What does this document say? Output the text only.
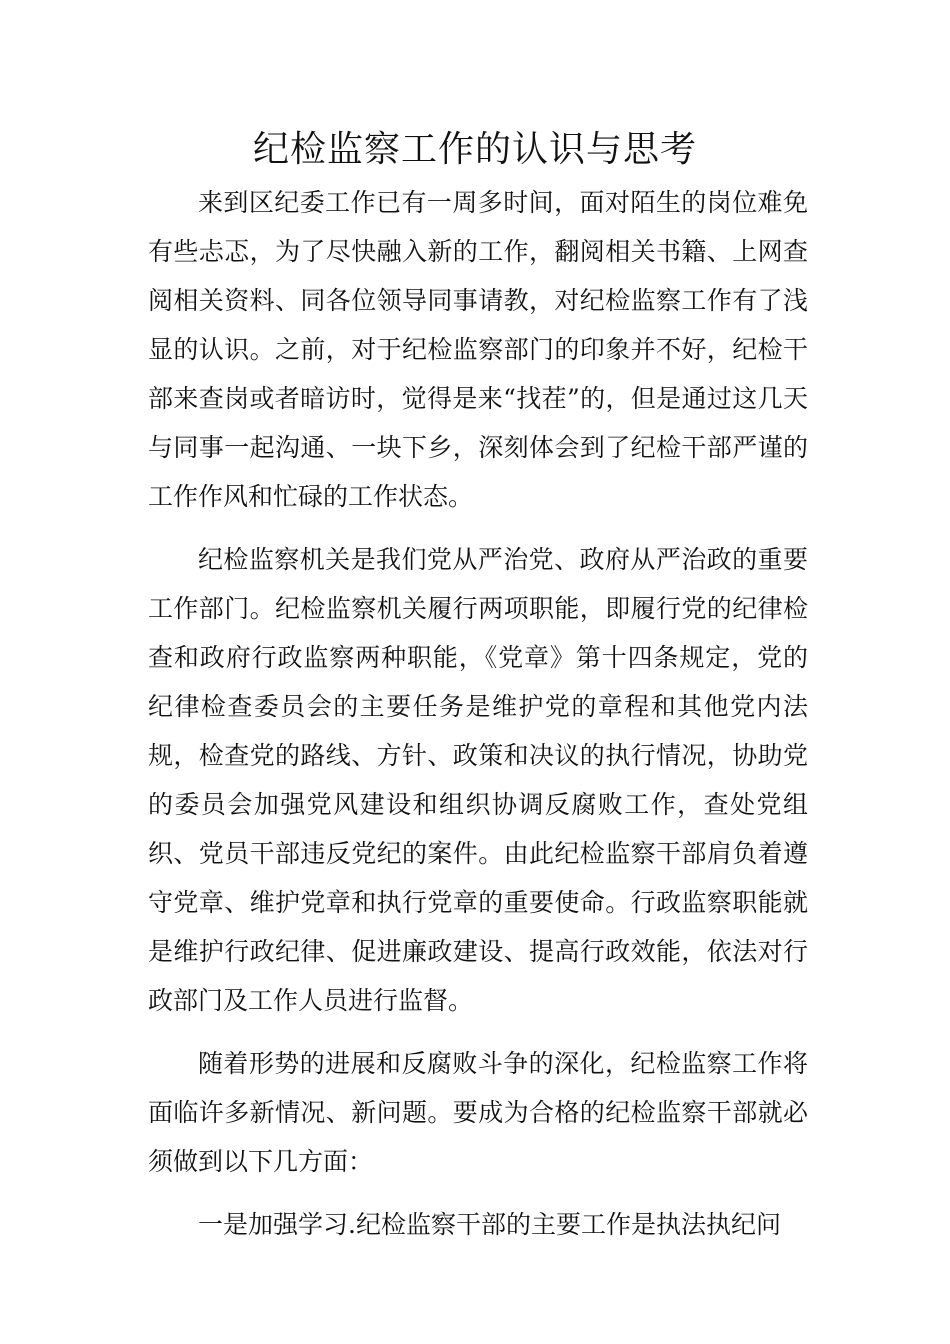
纪检监察工作的认识与思考

来到区纪委工作已有一周多时间，面对陌生的岗位难免有些忐忑，为了尽快融入新的工作，翻阅相关书籍、上网查阅相关资料、同各位领导同事请教，对纪检监察工作有了浅显的认识。之前，对于纪检监察部门的印象并不好，纪检干部来查岗或者暗访时，觉得是来“找茬”的，但是通过这几天与同事一起沟通、一块下乡，深刻体会到了纪检干部严谨的工作作风和忙碌的工作状态。

纪检监察机关是我们党从严治党、政府从严治政的重要工作部门。纪检监察机关履行两项职能，即履行党的纪律检查和政府行政监察两种职能，《党章》第十四条规定，党的纪律检查委员会的主要任务是维护党的章程和其他党内法规，检查党的路线、方针、政策和决议的执行情况，协助党的委员会加强党风建设和组织协调反腐败工作，查处党组织、党员干部违反党纪的案件。由此纪检监察干部肩负着遵守党章、维护党章和执行党章的重要使命。行政监察职能就是维护行政纪律、促进廉政建设、提高行政效能，依法对行政部门及工作人员进行监督。

随着形势的进展和反腐败斗争的深化，纪检监察工作将面临许多新情况、新问题。要成为合格的纪检监察干部就必须做到以下几方面：

一是加强学习.纪检监察干部的主要工作是执法执纪问
